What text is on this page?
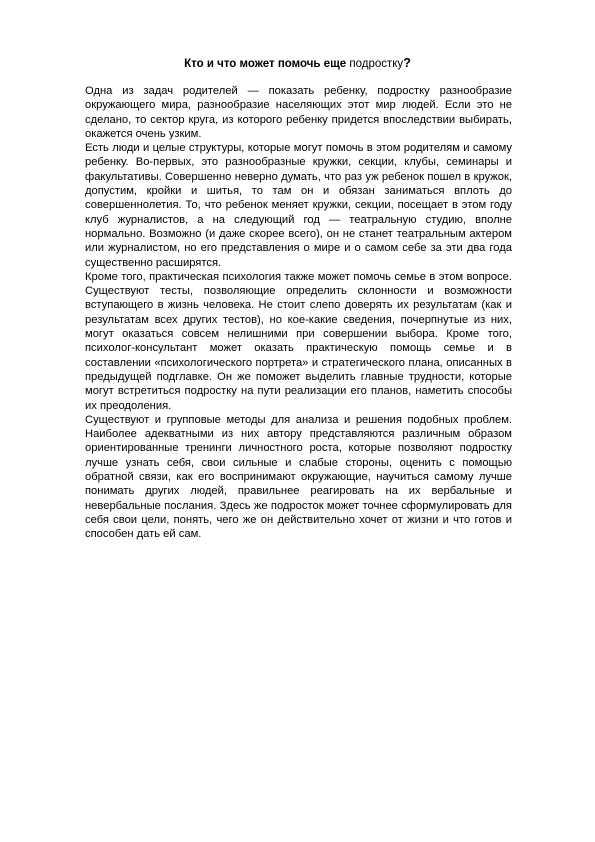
Кто и что может помочь еще подростку?

Одна из задач родителей — показать ребенку, подростку разнообразие окружающего мира, разнообразие населяющих этот мир людей. Если это не сделано, то сектор круга, из которого ребенку придется впоследствии выбирать, окажется очень узким.

Есть люди и целые структуры, которые могут помочь в этом родителям и самому ребенку. Во-первых, это разнообразные кружки, секции, клубы, семинары и факультативы. Совершенно неверно думать, что раз уж ребенок пошел в кружок, допустим, кройки и шитья, то там он и обязан заниматься вплоть до совершеннолетия. То, что ребенок меняет кружки, секции, посещает в этом году клуб журналистов, а на следующий год — театральную студию, вполне нормально. Возможно (и даже скорее всего), он не станет театральным актером или журналистом, но его представления о мире и о самом себе за эти два года существенно расширятся.

Кроме того, практическая психология также может помочь семье в этом вопросе. Существуют тесты, позволяющие определить склонности и возможности вступающего в жизнь человека. Не стоит слепо доверять их результатам (как и результатам всех других тестов), но кое-какие сведения, почерпнутые из них, могут оказаться совсем нелишними при совершении выбора. Кроме того, психолог-консультант может оказать практическую помощь семье и в составлении «психологического портрета» и стратегического плана, описанных в предыдущей подглавке. Он же поможет выделить главные трудности, которые могут встретиться подростку на пути реализации его планов, наметить способы их преодоления.

Существуют и групповые методы для анализа и решения подобных проблем. Наиболее адекватными из них автору представляются различным образом ориентированные тренинги личностного роста, которые позволяют подростку лучше узнать себя, свои сильные и слабые стороны, оценить с помощью обратной связи, как его воспринимают окружающие, научиться самому лучше понимать других людей, правильнее реагировать на их вербальные и невербальные послания. Здесь же подросток может точнее сформулировать для себя свои цели, понять, чего же он действительно хочет от жизни и что готов и способен дать ей сам.
